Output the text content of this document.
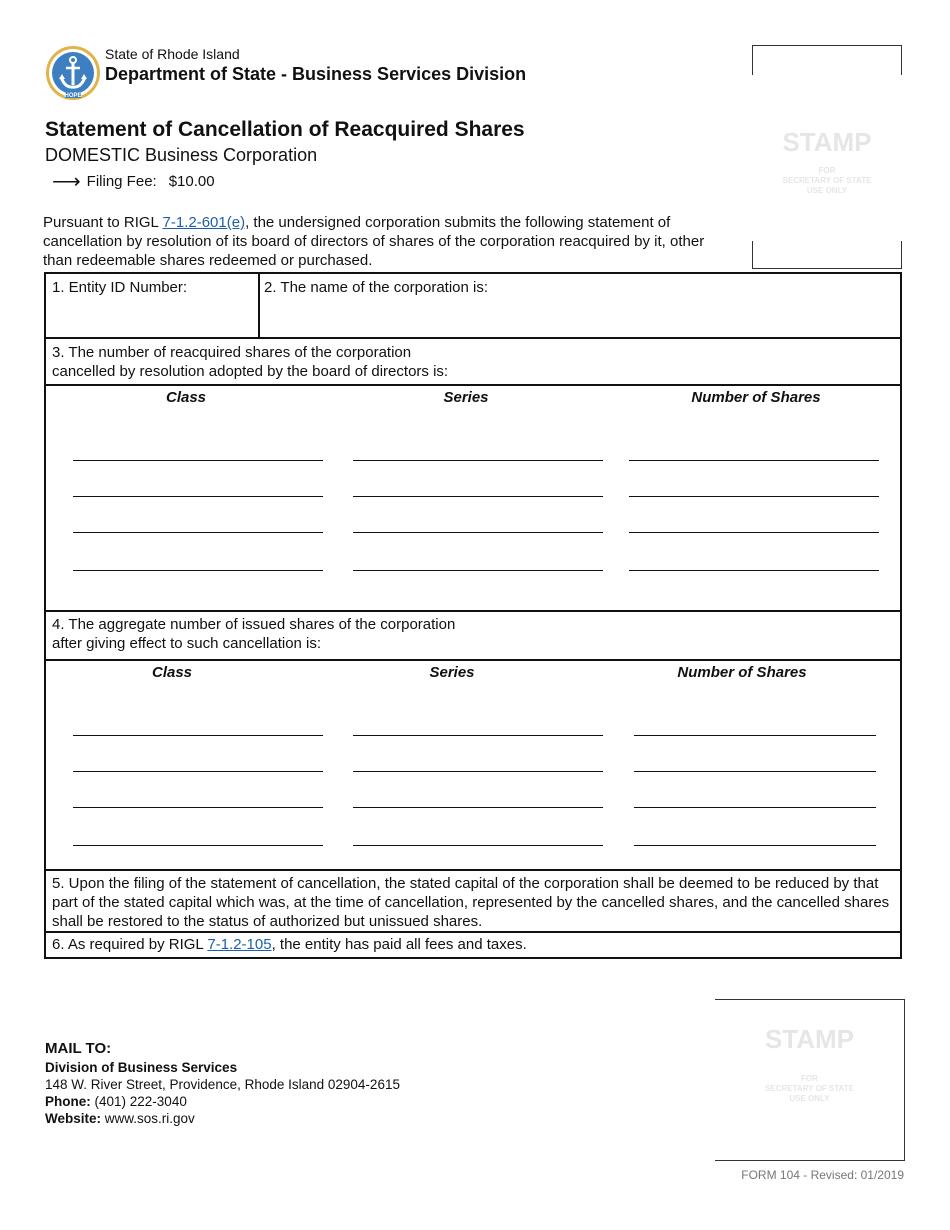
HOPE
State of Rhode Island
Department of State - Business Services Division
Statement of Cancellation of Reacquired Shares
DOMESTIC Business Corporation
⟶ Filing Fee: $10.00
STAMP
FOR
SECRETARY OF STATE
USE ONLY
Pursuant to RIGL 7-1.2-601(e), the undersigned corporation submits the following statement of cancellation by resolution of its board of directors of shares of the corporation reacquired by it, other than redeemable shares redeemed or purchased.
1. Entity ID Number:	2. The name of the corporation is:
3. The number of reacquired shares of the corporation
cancelled by resolution adopted by the board of directors is:
Class	Series	Number of Shares
4. The aggregate number of issued shares of the corporation
after giving effect to such cancellation is:
Class	Series	Number of Shares
5. Upon the filing of the statement of cancellation, the stated capital of the corporation shall be deemed to be reduced by that part of the stated capital which was, at the time of cancellation, represented by the cancelled shares, and the cancelled shares shall be restored to the status of authorized but unissued shares.
6. As required by RIGL 7-1.2-105, the entity has paid all fees and taxes.
STAMP
FOR
SECRETARY OF STATE
USE ONLY
MAIL TO:
Division of Business Services
148 W. River Street, Providence, Rhode Island 02904-2615
Phone: (401) 222-3040
Website: www.sos.ri.gov
FORM 104 - Revised: 01/2019
